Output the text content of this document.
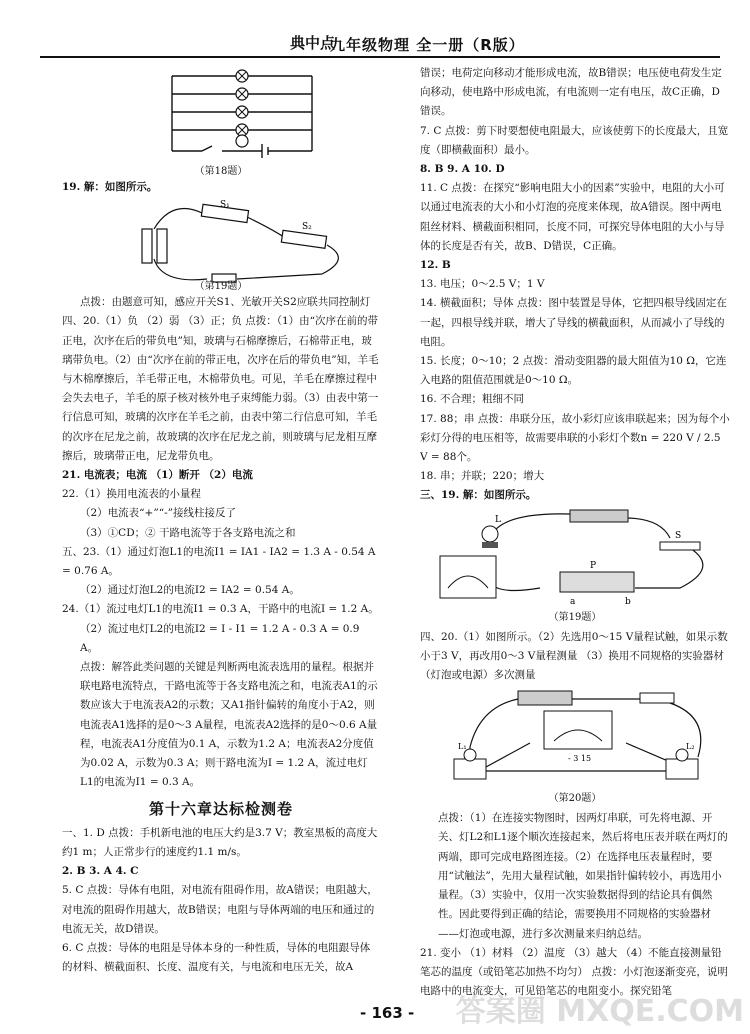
典中点
九年级物理 全一册（R版）
（第18题）
19. 解：如图所示。
S₁
S₂
（第19题）
点拨：由题意可知，感应开关S1、光敏开关S2应联共同控制灯
四、20.（1）负 （2）弱 （3）正；负 点拨：（1）由“次序在前的带正电，次序在后的带负电”知，玻璃与石棉摩擦后，石棉带正电，玻璃带负电。（2）由“次序在前的带正电，次序在后的带负电”知，羊毛与木棉摩擦后，羊毛带正电，木棉带负电。可见，羊毛在摩擦过程中会失去电子，羊毛的原子核对核外电子束缚能力弱。（3）由表中第一行信息可知，玻璃的次序在羊毛之前，由表中第二行信息可知，羊毛的次序在尼龙之前，故玻璃的次序在尼龙之前，则玻璃与尼龙相互摩擦后，玻璃带正电，尼龙带负电。
21. 电流表；电流 （1）断开 （2）电流
22.（1）换用电流表的小量程
（2）电流表“+”“-”接线柱接反了
（3）①CD；② 干路电流等于各支路电流之和
五、23.（1）通过灯泡L1的电流I1 = IA1 - IA2 = 1.3 A - 0.54 A = 0.76 A。
（2）通过灯泡L2的电流I2 = IA2 = 0.54 A。
24.（1）流过电灯L1的电流I1 = 0.3 A，干路中的电流I = 1.2 A。
（2）流过电灯L2的电流I2 = I - I1 = 1.2 A - 0.3 A = 0.9 A。
点拨：解答此类问题的关键是判断两电流表选用的量程。根据并联电路电流特点，干路电流等于各支路电流之和，电流表A1的示数应该大于电流表A2的示数；又A1指针偏转的角度小于A2，则电流表A1选择的是0～3 A量程，电流表A2选择的是0～0.6 A量程，电流表A1分度值为0.1 A，示数为1.2 A；电流表A2分度值为0.02 A，示数为0.3 A；则干路电流为I = 1.2 A，流过电灯L1的电流为I1 = 0.3 A。
第十六章达标检测卷
一、1. D 点拨：手机新电池的电压大约是3.7 V；教室黑板的高度大约1 m；人正常步行的速度约1.1 m/s。
2. B 3. A 4. C
5. C 点拨：导体有电阻，对电流有阻碍作用，故A错误；电阻越大，对电流的阻碍作用越大，故B错误；电阻与导体两端的电压和通过的电流无关，故D错误。
6. C 点拨：导体的电阻是导体本身的一种性质，导体的电阻跟导体的材料、横截面积、长度、温度有关，与电流和电压无关，故A
错误；电荷定向移动才能形成电流，故B错误；电压使电荷发生定向移动，使电路中形成电流，有电流则一定有电压，故C正确，D错误。
7. C 点拨：剪下时要想使电阻最大，应该使剪下的长度最大，且宽度（即横截面积）最小。
8. B 9. A 10. D
11. C 点拨：在探究“影响电阻大小的因素”实验中，电阻的大小可以通过电流表的大小和小灯泡的亮度来体现，故A错误。图中两电阻丝材料、横截面积相同，长度不同，可探究导体电阻的大小与导体的长度是否有关，故B、D错误，C正确。
12. B
13. 电压；0～2.5 V；1 V
14. 横截面积；导体 点拨：图中装置是导体，它把四根导线固定在一起，四根导线并联，增大了导线的横截面积，从而减小了导线的电阻。
15. 长度；0～10；2 点拨：滑动变阻器的最大阻值为10 Ω，它连入电路的阻值范围就是0～10 Ω。
16. 不合理；粗细不同
17. 88；串 点拨：串联分压，故小彩灯应该串联起来；因为每个小彩灯分得的电压相等，故需要串联的小彩灯个数n = 220 V / 2.5 V = 88个。
18. 串；并联；220；增大
三、19. 解：如图所示。
L
S
P
a	b
（第19题）
四、20.（1）如图所示。（2）先选用0～15 V量程试触，如果示数小于3 V，再改用0～3 V量程测量 （3）换用不同规格的实验器材（灯泡或电源）多次测量
L₁	L₂
- 3 15
（第20题）
点拨：（1）在连接实物图时，因两灯串联，可先将电源、开关、灯L2和L1逐个顺次连接起来，然后将电压表并联在两灯的两端，即可完成电路图连接。（2）在选择电压表量程时，要用“试触法”，先用大量程试触，如果指针偏转较小，再选用小量程。（3）实验中，仅用一次实验数据得到的结论具有偶然性。因此要得到正确的结论，需要换用不同规格的实验器材——灯泡或电源，进行多次测量来归纳总结。
21. 变小 （1）材料 （2）温度 （3）越大 （4）不能直接测量铅笔芯的温度（或铅笔芯加热不均匀） 点拨：小灯泡逐渐变亮，说明电路中的电流变大，可见铅笔芯的电阻变小。探究铅笔
- 163 - 答案圈 MXQE.COM
